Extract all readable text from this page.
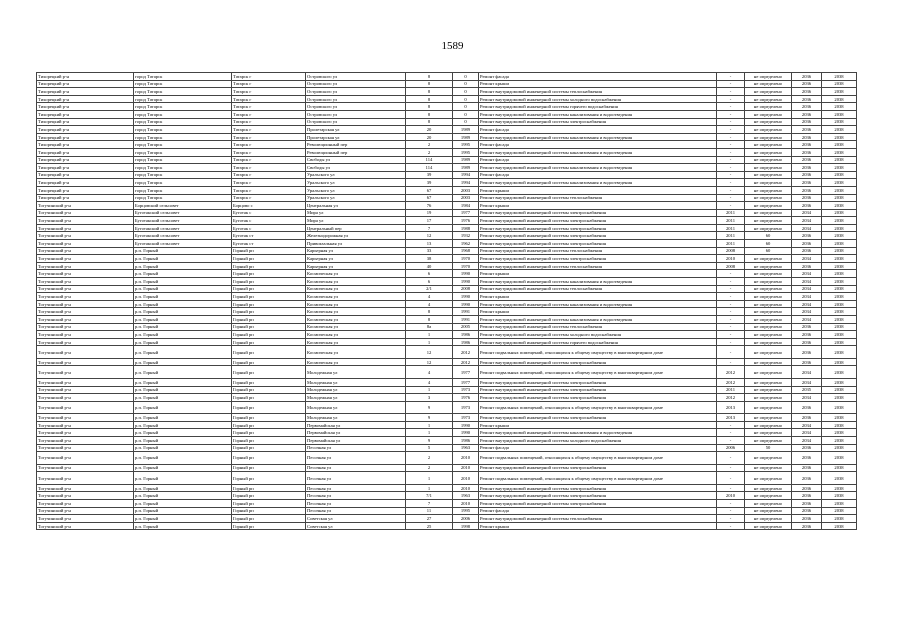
1589
Тихорецкий р-н	город Татарск	Татарск г	Островского ул	8	0	Ремонт фасада	-	не определено	2036	2038
Тихорецкий р-н	город Татарск	Татарск г	Островского ул	8	0	Ремонт крыши	-	не определено	2036	2038
Тихорецкий р-н	город Татарск	Татарск г	Островского ул	8	0	Ремонт внутридомовой инженерной системы теплоснабжения	-	не определено	2036	2038
Тихорецкий р-н	город Татарск	Татарск г	Островского ул	8	0	Ремонт внутридомовой инженерной системы холодного водоснабжения	-	не определено	2036	2038
Тихорецкий р-н	город Татарск	Татарск г	Островского ул	8	0	Ремонт внутридомовой инженерной системы горячего водоснабжения	-	не определено	2036	2038
Тихорецкий р-н	город Татарск	Татарск г	Островского ул	8	0	Ремонт внутридомовой инженерной системы канализования и водоотведения	-	не определено	2036	2038
Тихорецкий р-н	город Татарск	Татарск г	Островского ул	8	0	Ремонт внутридомовой инженерной системы электроснабжения	-	не определено	2036	2038
Тихорецкий р-н	город Татарск	Татарск г	Пролетарская ул	20	1989	Ремонт фасада	-	не определено	2036	2038
Тихорецкий р-н	город Татарск	Татарск г	Пролетарская ул	20	1989	Ремонт внутридомовой инженерной системы канализования и водоотведения	-	не определено	2036	2038
Тихорецкий р-н	город Татарск	Татарск г	Революционный пер	2	1995	Ремонт фасада	-	не определено	2036	2038
Тихорецкий р-н	город Татарск	Татарск г	Революционный пер	2	1995	Ремонт внутридомовой инженерной системы канализования и водоотведения	-	не определено	2036	2038
Тихорецкий р-н	город Татарск	Татарск г	Свободы ул	114	1989	Ремонт фасада	-	не определено	2036	2038
Тихорецкий р-н	город Татарск	Татарск г	Свободы ул	114	1989	Ремонт внутридомовой инженерной системы канализования и водоотведения	-	не определено	2036	2038
Тихорецкий р-н	город Татарск	Татарск г	Уральского ул	39	1994	Ремонт фасада	-	не определено	2036	2038
Тихорецкий р-н	город Татарск	Татарск г	Уральского ул	39	1994	Ремонт внутридомовой инженерной системы канализования и водоотведения	-	не определено	2036	2038
Тихорецкий р-н	город Татарск	Татарск г	Уральского ул	67	2003	Ремонт крыши	-	не определено	2036	2038
Тихорецкий р-н	город Татарск	Татарск г	Уральского ул	67	2003	Ремонт внутридомовой инженерной системы теплоснабжения	-	не определено	2036	2038
Тогучинский р-н	Борцовский сельсовет	Борцово с	Центральная ул	76	1984	Ремонт крыши	-	не определено	2036	2038
Тогучинский р-н	Буготакский сельсовет	Буготак с	Мира ул	19	1977	Ремонт внутридомовой инженерной системы электроснабжения	2011	не определено	2034	2038
Тогучинский р-н	Буготакский сельсовет	Буготак с	Мира ул	17	1976	Ремонт внутридомовой инженерной системы электроснабжения	2011	не определено	2034	2038
Тогучинский р-н	Буготакский сельсовет	Буготак с	Центральный пер	7	1988	Ремонт внутридомовой инженерной системы электроснабжения	2011	не определено	2034	2038
Тогучинский р-н	Буготакский сельсовет	Буготак ст	Железнодорожная ул	12	1932	Ремонт внутридомовой инженерной системы электроснабжения	2011	60	2036	2038
Тогучинский р-н	Буготакский сельсовет	Буготак ст	Привокзальная ул	13	1962	Ремонт внутридомовой инженерной системы электроснабжения	2011	60	2036	2038
Тогучинский р-н	р.п. Горный	Горный рп	Карьерная ул	33	1968	Ремонт внутридомовой инженерной системы теплоснабжения	2008	60	2036	2038
Тогучинский р-н	р.п. Горный	Горный рп	Карьерная ул	38	1970	Ремонт внутридомовой инженерной системы электроснабжения	2010	не определено	2034	2038
Тогучинский р-н	р.п. Горный	Горный рп	Карьерная ул	40	1970	Ремонт внутридомовой инженерной системы теплоснабжения	2008	не определено	2036	2038
Тогучинский р-н	р.п. Горный	Горный рп	Космическая ул	6	1990	Ремонт крыши	-	не определено	2034	2038
Тогучинский р-н	р.п. Горный	Горный рп	Космическая ул	6	1990	Ремонт внутридомовой инженерной системы канализования и водоотведения	-	не определено	2034	2038
Тогучинский р-н	р.п. Горный	Горный рп	Космическая ул	2/1	2008	Ремонт внутридомовой инженерной системы теплоснабжения	-	не определено	2034	2038
Тогучинский р-н	р.п. Горный	Горный рп	Космическая ул	4	1990	Ремонт крыши	-	не определено	2034	2038
Тогучинский р-н	р.п. Горный	Горный рп	Космическая ул	4	1990	Ремонт внутридомовой инженерной системы канализования и водоотведения	-	не определено	2034	2038
Тогучинский р-н	р.п. Горный	Горный рп	Космическая ул	8	1991	Ремонт крыши	-	не определено	2034	2038
Тогучинский р-н	р.п. Горный	Горный рп	Космическая ул	8	1991	Ремонт внутридомовой инженерной системы канализования и водоотведения	-	не определено	2034	2038
Тогучинский р-н	р.п. Горный	Горный рп	Космическая ул	8а	2005	Ремонт внутридомовой инженерной системы теплоснабжения	-	не определено	2036	2038
Тогучинский р-н	р.п. Горный	Горный рп	Космическая ул	1	1986	Ремонт внутридомовой инженерной системы холодного водоснабжения	-	не определено	2036	2038
Тогучинский р-н	р.п. Горный	Горный рп	Космическая ул	1	1986	Ремонт внутридомовой инженерной системы горячего водоснабжения	-	не определено	2036	2038
Тогучинский р-н	р.п. Горный	Горный рп	Космическая ул	12	2012	Ремонт подвальных помещений, относящихся к общему имуществу в многоквартирном доме	-	не определено	2036	2038
Тогучинский р-н	р.п. Горный	Горный рп	Космическая ул	12	2012	Ремонт внутридомовой инженерной системы электроснабжения	-	не определено	2036	2038
Тогучинский р-н	р.п. Горный	Горный рп	Молодежная ул	4	1977	Ремонт подвальных помещений, относящихся к общему имуществу в многоквартирном доме	2012	не определено	2034	2038
Тогучинский р-н	р.п. Горный	Горный рп	Молодежная ул	4	1977	Ремонт внутридомовой инженерной системы электроснабжения	2012	не определено	2034	2038
Тогучинский р-н	р.п. Горный	Горный рп	Молодежная ул	1	1973	Ремонт внутридомовой инженерной системы электроснабжения	2011	не определено	2035	2038
Тогучинский р-н	р.п. Горный	Горный рп	Молодежная ул	3	1976	Ремонт внутридомовой инженерной системы электроснабжения	2012	не определено	2034	2038
Тогучинский р-н	р.п. Горный	Горный рп	Молодежная ул	9	1973	Ремонт подвальных помещений, относящихся к общему имуществу в многоквартирном доме	2013	не определено	2036	2038
Тогучинский р-н	р.п. Горный	Горный рп	Молодежная ул	9	1973	Ремонт внутридомовой инженерной системы электроснабжения	2013	не определено	2036	2038
Тогучинский р-н	р.п. Горный	Горный рп	Первомайская ул	1	1990	Ремонт крыши	-	не определено	2034	2038
Тогучинский р-н	р.п. Горный	Горный рп	Первомайская ул	1	1990	Ремонт внутридомовой инженерной системы канализования и водоотведения	-	не определено	2034	2038
Тогучинский р-н	р.п. Горный	Горный рп	Первомайская ул	9	1986	Ремонт внутридомовой инженерной системы холодного водоснабжения	-	не определено	2034	2038
Тогучинский р-н	р.п. Горный	Горный рп	Песочная ул	5	1963	Ремонт фасада	2006	50	2036	2038
Тогучинский р-н	р.п. Горный	Горный рп	Песочная ул	2	2010	Ремонт подвальных помещений, относящихся к общему имуществу в многоквартирном доме	-	не определено	2036	2038
Тогучинский р-н	р.п. Горный	Горный рп	Песочная ул	2	2010	Ремонт внутридомовой инженерной системы электроснабжения	-	не определено	2036	2038
Тогучинский р-н	р.п. Горный	Горный рп	Песочная ул	1	2010	Ремонт подвальных помещений, относящихся к общему имуществу в многоквартирном доме	-	не определено	2036	2038
Тогучинский р-н	р.п. Горный	Горный рп	Песочная ул	1	2010	Ремонт внутридомовой инженерной системы электроснабжения	-	не определено	2036	2038
Тогучинский р-н	р.п. Горный	Горный рп	Песочная ул	7/1	1963	Ремонт внутридомовой инженерной системы электроснабжения	2010	не определено	2036	2038
Тогучинский р-н	р.п. Горный	Горный рп	Песочная ул	7	2010	Ремонт внутридомовой инженерной системы электроснабжения	-	не определено	2036	2038
Тогучинский р-н	р.п. Горный	Горный рп	Песочная ул	11	1995	Ремонт фасада	-	не определено	2036	2038
Тогучинский р-н	р.п. Горный	Горный рп	Советская ул	27	2006	Ремонт внутридомовой инженерной системы теплоснабжения	-	не определено	2036	2038
Тогучинский р-н	р.п. Горный	Горный рп	Советская ул	25	1998	Ремонт крыши	-	не определено	2036	2038
